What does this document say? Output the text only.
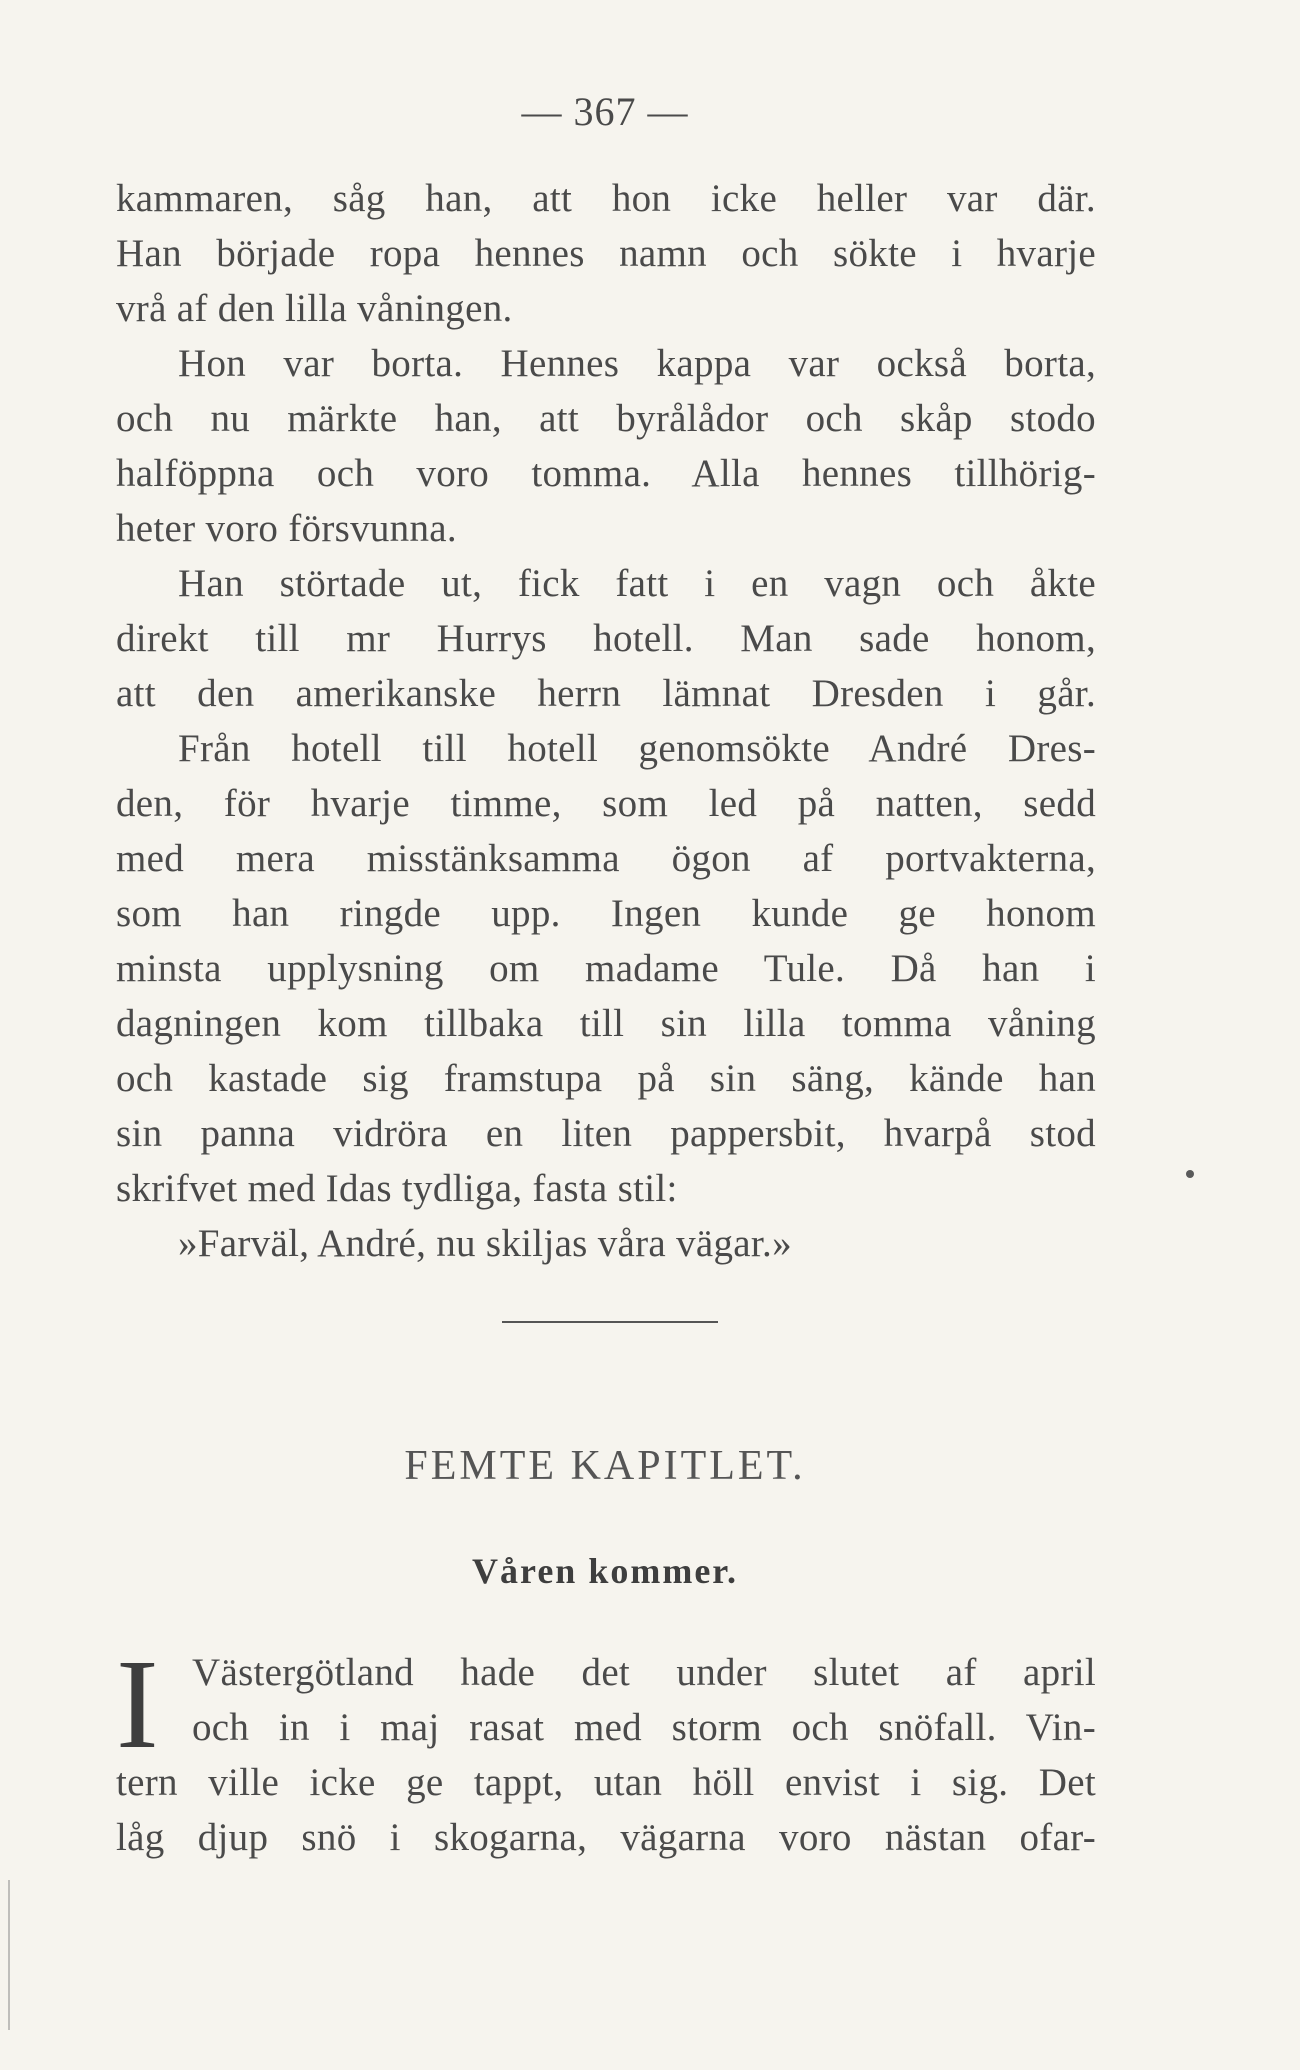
— 367 —
kammaren, såg han, att hon icke heller var där.
Han började ropa hennes namn och sökte i hvarje
vrå af den lilla våningen.
Hon var borta. Hennes kappa var också borta,
och nu märkte han, att byrålådor och skåp stodo
halföppna och voro tomma. Alla hennes tillhörig-
heter voro försvunna.
Han störtade ut, fick fatt i en vagn och åkte
direkt till mr Hurrys hotell. Man sade honom,
att den amerikanske herrn lämnat Dresden i går.
Från hotell till hotell genomsökte André Dres-
den, för hvarje timme, som led på natten, sedd
med mera misstänksamma ögon af portvakterna,
som han ringde upp. Ingen kunde ge honom
minsta upplysning om madame Tule. Då han i
dagningen kom tillbaka till sin lilla tomma våning
och kastade sig framstupa på sin säng, kände han
sin panna vidröra en liten pappersbit, hvarpå stod
skrifvet med Idas tydliga, fasta stil:
»Farväl, André, nu skiljas våra vägar.»
FEMTE KAPITLET.
Våren kommer.
I Västergötland hade det under slutet af april
och in i maj rasat med storm och snöfall. Vin-
tern ville icke ge tappt, utan höll envist i sig. Det
låg djup snö i skogarna, vägarna voro nästan ofar-
